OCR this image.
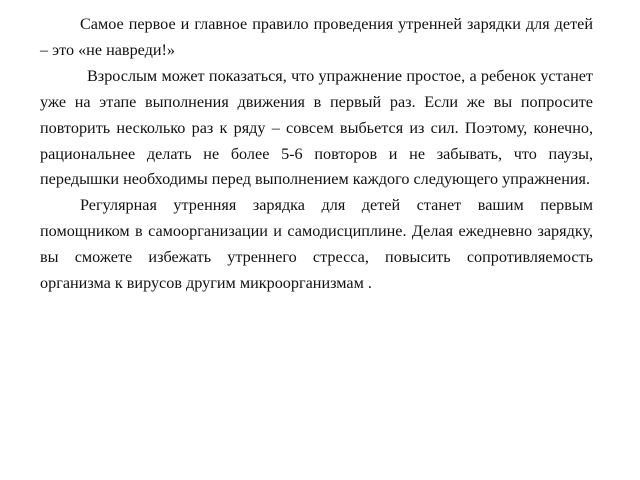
Самое первое и главное правило проведения утренней зарядки для детей – это «не навреди!»

Взрослым может показаться, что упражнение простое, а ребенок устанет уже на этапе выполнения движения в первый раз. Если же вы попросите повторить несколько раз к ряду – совсем выбьется из сил. Поэтому, конечно, рациональнее делать не более 5-6 повторов и не забывать, что паузы, передышки необходимы перед выполнением каждого следующего упражнения.

Регулярная утренняя зарядка для детей станет вашим первым помощником в самоорганизации и самодисциплине. Делая ежедневно зарядку, вы сможете избежать утреннего стресса, повысить сопротивляемость организма к вирусов другим микроорганизмам .
